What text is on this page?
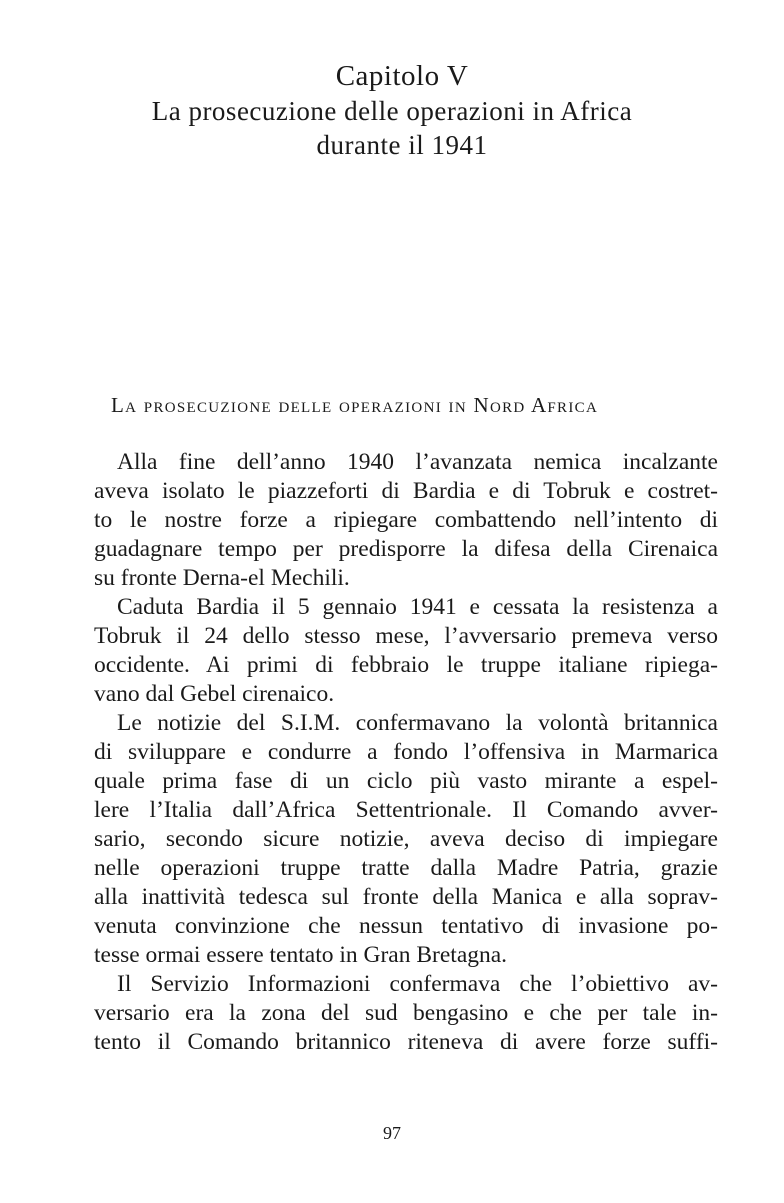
Capitolo V
La prosecuzione delle operazioni in Africa
durante il 1941
La prosecuzione delle operazioni in Nord Africa
Alla fine dell’anno 1940 l’avanzata nemica incalzante
aveva isolato le piazzeforti di Bardia e di Tobruk e costret-
to le nostre forze a ripiegare combattendo nell’intento di
guadagnare tempo per predisporre la difesa della Cirenaica
su fronte Derna-el Mechili.
Caduta Bardia il 5 gennaio 1941 e cessata la resistenza a
Tobruk il 24 dello stesso mese, l’avversario premeva verso
occidente. Ai primi di febbraio le truppe italiane ripiega-
vano dal Gebel cirenaico.
Le notizie del S.I.M. confermavano la volontà britannica
di sviluppare e condurre a fondo l’offensiva in Marmarica
quale prima fase di un ciclo più vasto mirante a espel-
lere l’Italia dall’Africa Settentrionale. Il Comando avver-
sario, secondo sicure notizie, aveva deciso di impiegare
nelle operazioni truppe tratte dalla Madre Patria, grazie
alla inattività tedesca sul fronte della Manica e alla soprav-
venuta convinzione che nessun tentativo di invasione po-
tesse ormai essere tentato in Gran Bretagna.
Il Servizio Informazioni confermava che l’obiettivo av-
versario era la zona del sud bengasino e che per tale in-
tento il Comando britannico riteneva di avere forze suffi-
97
